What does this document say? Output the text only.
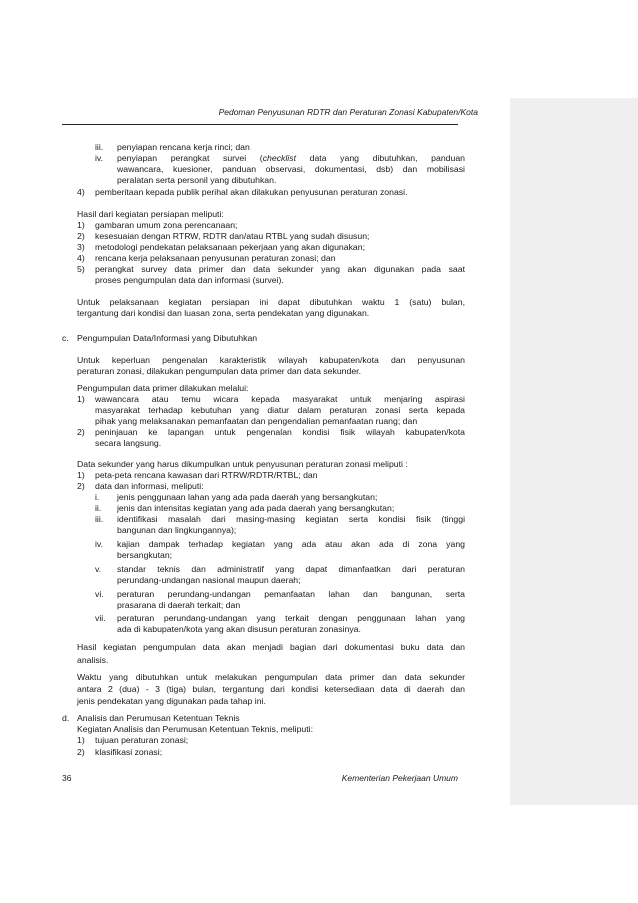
Pedoman Penyusunan RDTR dan Peraturan Zonasi Kabupaten/Kota
iii. penyiapan rencana kerja rinci; dan
iv. penyiapan perangkat survei (checklist data yang dibutuhkan, panduan
wawancara, kuesioner, panduan observasi, dokumentasi, dsb) dan mobilisasi
peralatan serta personil yang dibutuhkan.
4) pemberitaan kepada publik perihal akan dilakukan penyusunan peraturan zonasi.
Hasil dari kegiatan persiapan meliputi:
1) gambaran umum zona perencanaan;
2) kesesuaian dengan RTRW, RDTR dan/atau RTBL yang sudah disusun;
3) metodologi pendekatan pelaksanaan pekerjaan yang akan digunakan;
4) rencana kerja pelaksanaan penyusunan peraturan zonasi; dan
5) perangkat survey data primer dan data sekunder yang akan digunakan pada saat
proses pengumpulan data dan informasi (survei).
Untuk pelaksanaan kegiatan persiapan ini dapat dibutuhkan waktu 1 (satu) bulan,
tergantung dari kondisi dan luasan zona, serta pendekatan yang digunakan.
c. Pengumpulan Data/Informasi yang Dibutuhkan
Untuk keperluan pengenalan karakteristik wilayah kabupaten/kota dan penyusunan
peraturan zonasi, dilakukan pengumpulan data primer dan data sekunder.
Pengumpulan data primer dilakukan melalui:
1) wawancara atau temu wicara kepada masyarakat untuk menjaring aspirasi
masyarakat terhadap kebutuhan yang diatur dalam peraturan zonasi serta kepada
pihak yang melaksanakan pemanfaatan dan pengendalian pemanfaatan ruang; dan
2) peninjauan ke lapangan untuk pengenalan kondisi fisik wilayah kabupaten/kota
secara langsung.
Data sekunder yang harus dikumpulkan untuk penyusunan peraturan zonasi meliputi :
1) peta-peta rencana kawasan dari RTRW/RDTR/RTBL; dan
2) data dan informasi, meliputi:
i. jenis penggunaan lahan yang ada pada daerah yang bersangkutan;
ii. jenis dan intensitas kegiatan yang ada pada daerah yang bersangkutan;
iii. identifikasi masalah dari masing-masing kegiatan serta kondisi fisik (tinggi
bangunan dan lingkungannya);
iv. kajian dampak terhadap kegiatan yang ada atau akan ada di zona yang
bersangkutan;
v. standar teknis dan administratif yang dapat dimanfaatkan dari peraturan
perundang-undangan nasional maupun daerah;
vi. peraturan perundang-undangan pemanfaatan lahan dan bangunan, serta
prasarana di daerah terkait; dan
vii. peraturan perundang-undangan yang terkait dengan penggunaan lahan yang
ada di kabupaten/kota yang akan disusun peraturan zonasinya.
Hasil kegiatan pengumpulan data akan menjadi bagian dari dokumentasi buku data dan
analisis.
Waktu yang dibutuhkan untuk melakukan pengumpulan data primer dan data sekunder
antara 2 (dua) - 3 (tiga) bulan, tergantung dari kondisi ketersediaan data di daerah dan
jenis pendekatan yang digunakan pada tahap ini.
d. Analisis dan Perumusan Ketentuan Teknis
Kegiatan Analisis dan Perumusan Ketentuan Teknis, meliputi:
1) tujuan peraturan zonasi;
2) klasifikasi zonasi;
36	Kementerian Pekerjaan Umum
